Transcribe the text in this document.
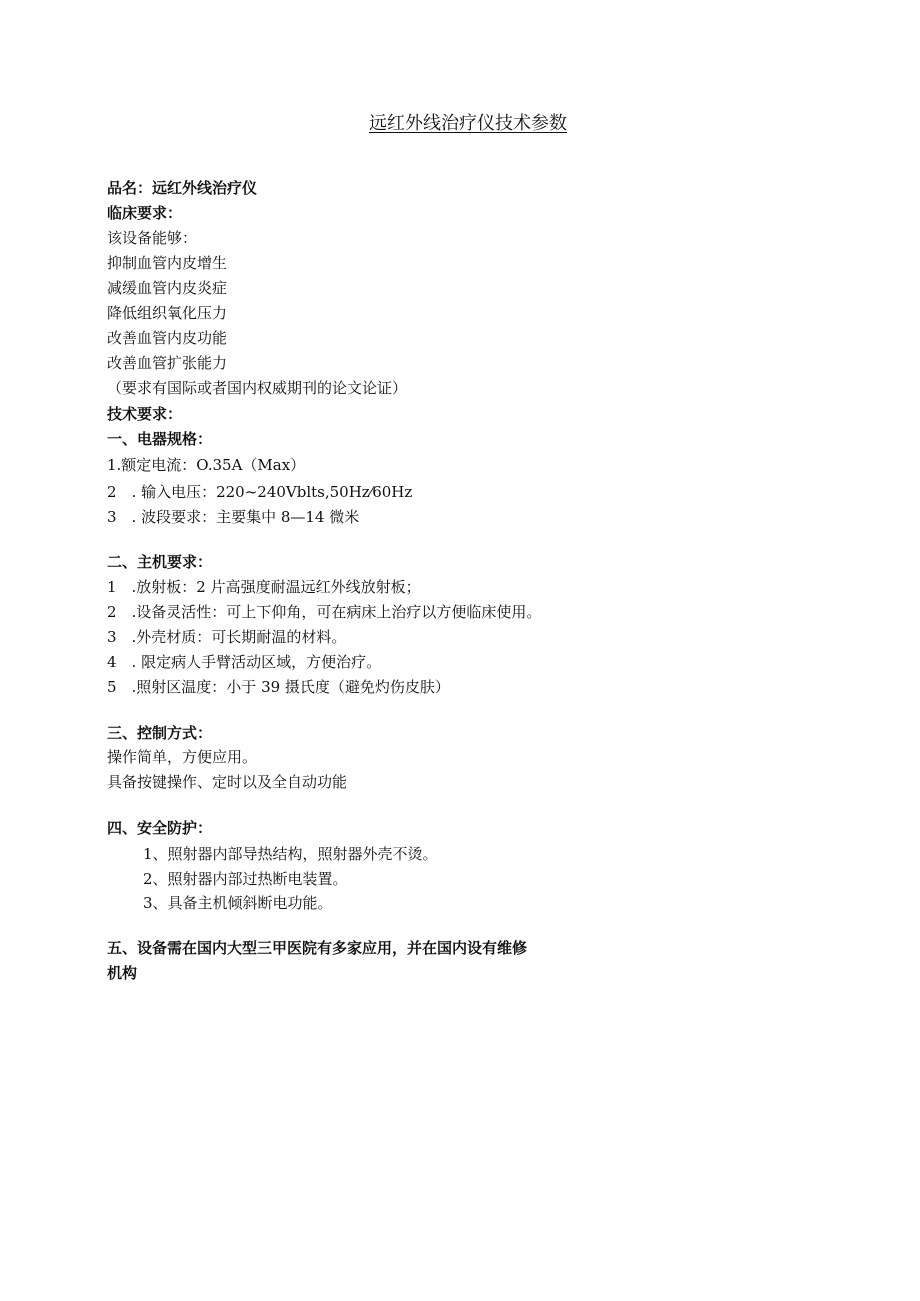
远红外线治疗仪技术参数
品名：远红外线治疗仪
临床要求：
该设备能够：
抑制血管内皮增生
减缓血管内皮炎症
降低组织氧化压力
改善血管内皮功能
改善血管扩张能力
（要求有国际或者国内权威期刊的论文论证）
技术要求：
一、电器规格：
1.额定电流：O.35A（Max）
2　. 输入电压：220~240Vblts,50Hz⁄60Hz
3　. 波段要求：主要集中 8—14 微米
二、主机要求：
1　.放射板：2 片高强度耐温远红外线放射板；
2　.设备灵活性：可上下仰角，可在病床上治疗以方便临床使用。
3　.外壳材质：可长期耐温的材料。
4　. 限定病人手臂活动区域，方便治疗。
5　.照射区温度：小于 39 摄氏度（避免灼伤皮肤）
三、控制方式：
操作简单，方便应用。
具备按键操作、定时以及全自动功能
四、安全防护：
1、照射器内部导热结构，照射器外壳不烫。
2、照射器内部过热断电装置。
3、具备主机倾斜断电功能。
五、设备需在国内大型三甲医院有多家应用，并在国内设有维修
机构
